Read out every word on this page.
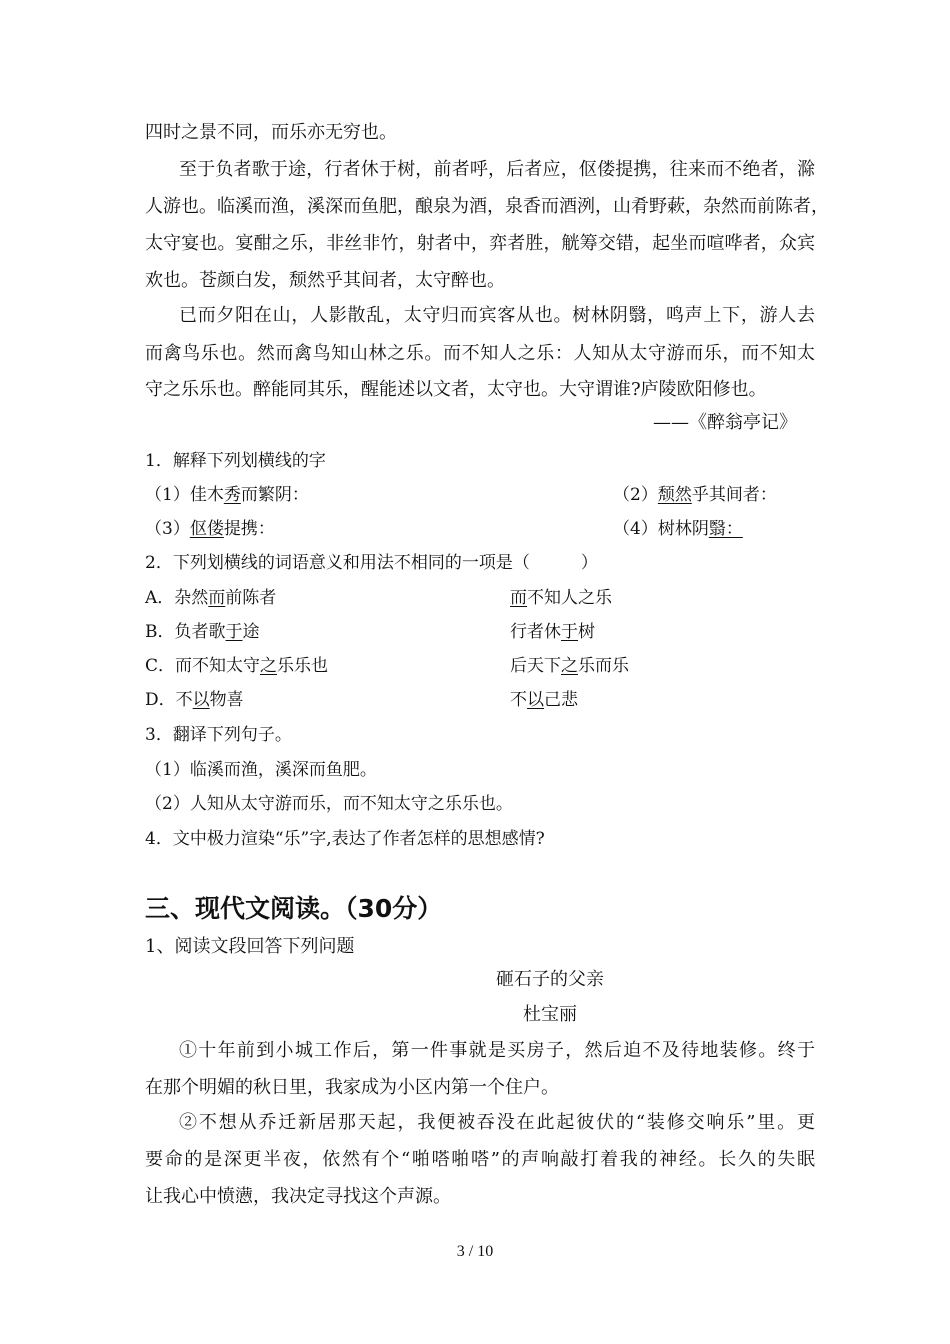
四时之景不同，而乐亦无穷也。
至于负者歌于途，行者休于树，前者呼，后者应，伛偻提携，往来而不绝者，滁
人游也。临溪而渔，溪深而鱼肥，酿泉为酒，泉香而酒洌，山肴野蔌，杂然而前陈者，
太守宴也。宴酣之乐，非丝非竹，射者中，弈者胜，觥筹交错，起坐而喧哗者，众宾
欢也。苍颜白发，颓然乎其间者，太守醉也。
已而夕阳在山，人影散乱，太守归而宾客从也。树林阴翳，鸣声上下，游人去
而禽鸟乐也。然而禽鸟知山林之乐。而不知人之乐：人知从太守游而乐，而不知太
守之乐乐也。醉能同其乐，醒能述以文者，太守也。大守谓谁?庐陵欧阳修也。
——《醉翁亭记》
1．解释下列划横线的字
（1）佳木秀而繁阴：	（2）颓然乎其间者：
（3）伛偻提携：	（4）树林阴翳：
2．下列划横线的词语意义和用法不相同的一项是（　　　）
A．杂然而前陈者	而不知人之乐
B．负者歌于途	行者休于树
C．而不知太守之乐乐也	后天下之乐而乐
D．不以物喜	不以己悲
3．翻译下列句子。
（1）临溪而渔，溪深而鱼肥。
（2）人知从太守游而乐，而不知太守之乐乐也。
4．文中极力渲染“乐”字,表达了作者怎样的思想感情?
三、现代文阅读。（30分）
1、阅读文段回答下列问题
砸石子的父亲
杜宝丽
①十年前到小城工作后，第一件事就是买房子，然后迫不及待地装修。终于
在那个明媚的秋日里，我家成为小区内第一个住户。
②不想从乔迁新居那天起，我便被吞没在此起彼伏的“装修交响乐”里。更
要命的是深更半夜，依然有个“啪嗒啪嗒”的声响敲打着我的神经。长久的失眠
让我心中愤懑，我决定寻找这个声源。
3 / 10
